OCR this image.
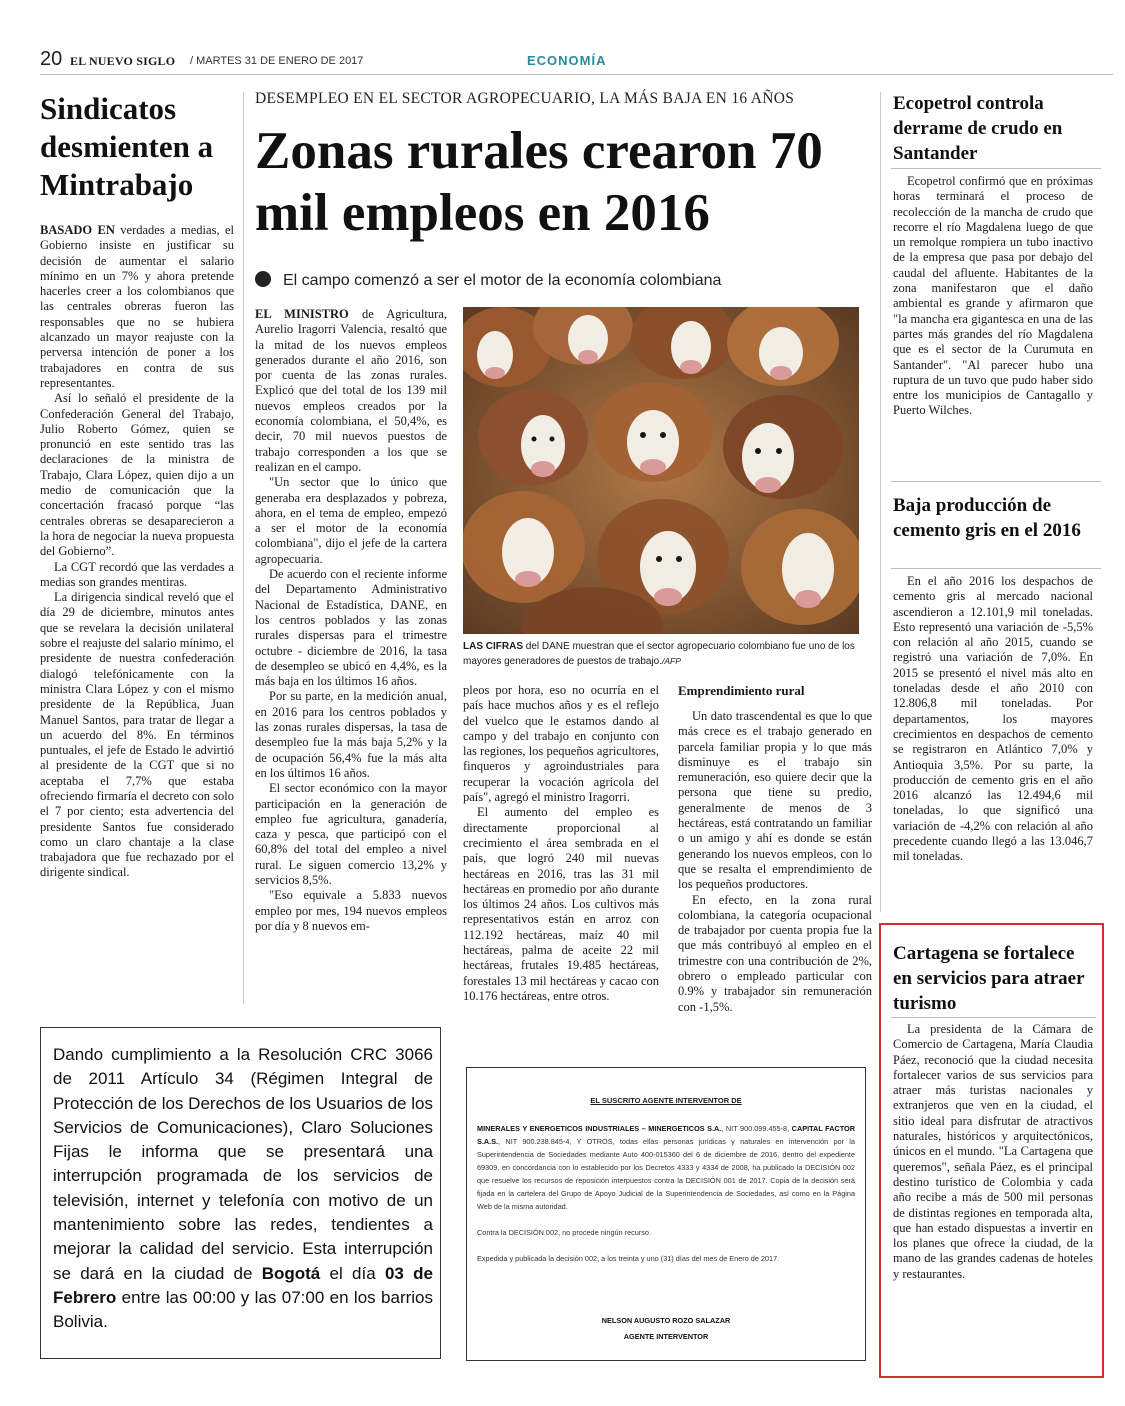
20 EL NUEVO SIGLO / MARTES 31 DE ENERO DE 2017	ECONOMÍA
Sindicatos desmienten a Mintrabajo

BASADO EN verdades a medias, el Gobierno insiste en justificar su decisión de aumentar el salario mínimo en un 7% y ahora pretende hacerles creer a los colombianos que las centrales obreras fueron las responsables que no se hubiera alcanzado un mayor reajuste con la perversa intención de poner a los trabajadores en contra de sus representantes.

Así lo señaló el presidente de la Confederación General del Trabajo, Julio Roberto Gómez, quien se pronunció en este sentido tras las declaraciones de la ministra de Trabajo, Clara López, quien dijo a un medio de comunicación que la concertación fracasó porque “las centrales obreras se desaparecieron a la hora de negociar la nueva propuesta del Gobierno”.

La CGT recordó que las verdades a medias son grandes mentiras.

La dirigencia sindical reveló que el día 29 de diciembre, minutos antes que se revelara la decisión unilateral sobre el reajuste del salario mínimo, el presidente de nuestra confederación dialogó telefónicamente con la ministra Clara López y con el mismo presidente de la República, Juan Manuel Santos, para tratar de llegar a un acuerdo del 8%. En términos puntuales, el jefe de Estado le advirtió al presidente de la CGT que si no aceptaba el 7,7% que estaba ofreciendo firmaría el decreto con solo el 7 por ciento; esta advertencia del presidente Santos fue considerado como un claro chantaje a la clase trabajadora que fue rechazado por el dirigente sindical.

DESEMPLEO EN EL SECTOR AGROPECUARIO, LA MÁS BAJA EN 16 AÑOS
Zonas rurales crearon 70 mil empleos en 2016
El campo comenzó a ser el motor de la economía colombiana

EL MINISTRO de Agricultura, Aurelio Iragorri Valencia, resaltó que la mitad de los nuevos empleos generados durante el año 2016, son por cuenta de las zonas rurales. Explicó que del total de los 139 mil nuevos empleos creados por la economía colombiana, el 50,4%, es decir, 70 mil nuevos puestos de trabajo corresponden a los que se realizan en el campo.

"Un sector que lo único que generaba era desplazados y pobreza, ahora, en el tema de empleo, empezó a ser el motor de la economía colombiana", dijo el jefe de la cartera agropecuaria.

De acuerdo con el reciente informe del Departamento Administrativo Nacional de Estadística, DANE, en los centros poblados y las zonas rurales dispersas para el trimestre octubre - diciembre de 2016, la tasa de desempleo se ubicó en 4,4%, es la más baja en los últimos 16 años.

Por su parte, en la medición anual, en 2016 para los centros poblados y las zonas rurales dispersas, la tasa de desempleo fue la más baja 5,2% y la de ocupación 56,4% fue la más alta en los últimos 16 años.

El sector económico con la mayor participación en la generación de empleo fue agricultura, ganadería, caza y pesca, que participó con el 60,8% del total del empleo a nivel rural. Le siguen comercio 13,2% y servicios 8,5%.

"Eso equivale a 5.833 nuevos empleo por mes, 194 nuevos empleos por día y 8 nuevos em-

LAS CIFRAS del DANE muestran que el sector agropecuario colombiano fue uno de los mayores generadores de puestos de trabajo./AFP

pleos por hora, eso no ocurría en el país hace muchos años y es el reflejo del vuelco que le estamos dando al campo y del trabajo en conjunto con las regiones, los pequeños agricultores, finqueros y agroindustriales para recuperar la vocación agrícola del país", agregó el ministro Iragorri.

El aumento del empleo es directamente proporcional al crecimiento el área sembrada en el país, que logró 240 mil nuevas hectáreas en 2016, tras las 31 mil hectáreas en promedio por año durante los últimos 24 años. Los cultivos más representativos están en arroz con 112.192 hectáreas, maíz 40 mil hectáreas, palma de aceite 22 mil hectáreas, frutales 19.485 hectáreas, forestales 13 mil hectáreas y cacao con 10.176 hectáreas, entre otros.

Emprendimiento rural

Un dato trascendental es que lo que más crece es el trabajo generado en parcela familiar propia y lo que más disminuye es el trabajo sin remuneración, eso quiere decir que la persona que tiene su predio, generalmente de menos de 3 hectáreas, está contratando un familiar o un amigo y ahí es donde se están generando los nuevos empleos, con lo que se resalta el emprendimiento de los pequeños productores.

En efecto, en la zona rural colombiana, la categoría ocupacional de trabajador por cuenta propia fue la que más contribuyó al empleo en el trimestre con una contribución de 2%, obrero o empleado particular con 0.9% y trabajador sin remuneración con -1,5%.

Ecopetrol controla derrame de crudo en Santander

Ecopetrol confirmó que en próximas horas terminará el proceso de recolección de la mancha de crudo que recorre el río Magdalena luego de que un remolque rompiera un tubo inactivo de la empresa que pasa por debajo del caudal del afluente. Habitantes de la zona manifestaron que el daño ambiental es grande y afirmaron que "la mancha era gigantesca en una de las partes más grandes del río Magdalena que es el sector de la Curumuta en Santander". "Al parecer hubo una ruptura de un tuvo que pudo haber sido entre los municipios de Cantagallo y Puerto Wilches.

Baja producción de cemento gris en el 2016

En el año 2016 los despachos de cemento gris al mercado nacional ascendieron a 12.101,9 mil toneladas. Esto representó una variación de -5,5% con relación al año 2015, cuando se registró una variación de 7,0%. En 2015 se presentó el nivel más alto en toneladas desde el año 2010 con 12.806,8 mil toneladas. Por departamentos, los mayores crecimientos en despachos de cemento se registraron en Atlántico 7,0% y Antioquia 3,5%. Por su parte, la producción de cemento gris en el año 2016 alcanzó las 12.494,6 mil toneladas, lo que significó una variación de -4,2% con relación al año precedente cuando llegó a las 13.046,7 mil toneladas.

Cartagena se fortalece en servicios para atraer turismo

La presidenta de la Cámara de Comercio de Cartagena, María Claudia Páez, reconoció que la ciudad necesita fortalecer varios de sus servicios para atraer más turistas nacionales y extranjeros que ven en la ciudad, el sitio ideal para disfrutar de atractivos naturales, históricos y arquitectónicos, únicos en el mundo. "La Cartagena que queremos", señala Páez, es el principal destino turístico de Colombia y cada año recibe a más de 500 mil personas de distintas regiones en temporada alta, que han estado dispuestas a invertir en los planes que ofrece la ciudad, de la mano de las grandes cadenas de hoteles y restaurantes.

Dando cumplimiento a la Resolución CRC 3066 de 2011 Artículo 34 (Régimen Integral de Protección de los Derechos de los Usuarios de los Servicios de Comunicaciones), Claro Soluciones Fijas le informa que se presentará una interrupción programada de los servicios de televisión, internet y telefonía con motivo de un mantenimiento sobre las redes, tendientes a mejorar la calidad del servicio. Esta interrupción se dará en la ciudad de Bogotá el día 03 de Febrero entre las 00:00 y las 07:00 en los barrios Bolivia.
EL SUSCRITO AGENTE INTERVENTOR DE

MINERALES Y ENERGETICOS INDUSTRIALES – MINERGETICOS S.A., NIT 900.099.455-8, CAPITAL FACTOR S.A.S., NIT 900.238.845-4, Y OTROS, todas ellas personas jurídicas y naturales en intervención por la Superintendencia de Sociedades mediante Auto 400-015360 del 6 de diciembre de 2016, dentro del expediente 69309, en concordancia con lo establecido por los Decretos 4333 y 4334 de 2008, ha publicado la DECISIÓN 002 que resuelve los recursos de reposición interpuestos contra la DECISIÓN 001 de 2017. Copia de la decisión será fijada en la cartelera del Grupo de Apoyo Judicial de la Superintendencia de Sociedades, así como en la Página Web de la misma autoridad.

Contra la DECISIÓN 002, no procede ningún recurso.

Expedida y publicada la decisión 002, a los treinta y uno (31) días del mes de Enero de 2017.

NELSON AUGUSTO ROZO SALAZAR
AGENTE INTERVENTOR
